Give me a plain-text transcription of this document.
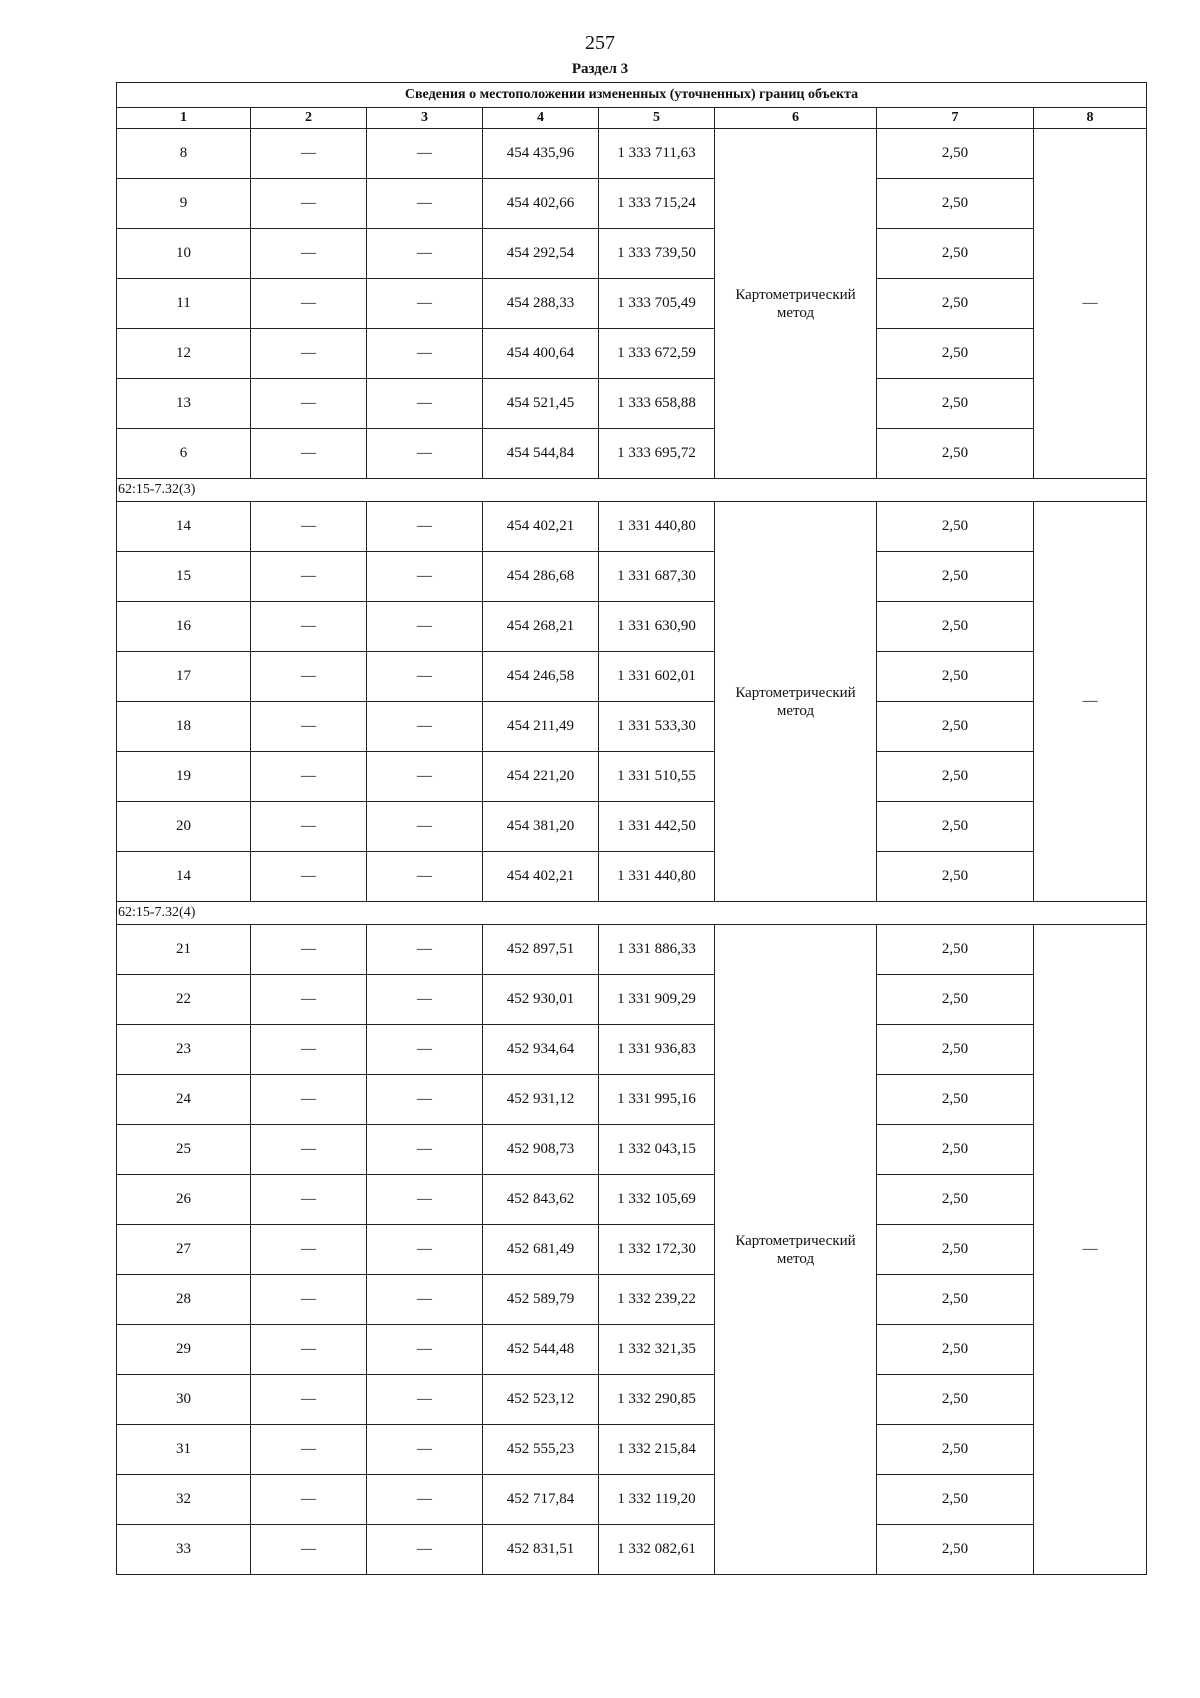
257
Раздел 3
Сведения о местоположении измененных (уточненных) границ объекта							
1	2	3	4	5	6	7	8
8	—	—	454 435,96	1 333 711,63	Картометрический метод	2,50	—
9	—	—	454 402,66	1 333 715,24		2,50	
10	—	—	454 292,54	1 333 739,50		2,50	
11	—	—	454 288,33	1 333 705,49		2,50	
12	—	—	454 400,64	1 333 672,59		2,50	
13	—	—	454 521,45	1 333 658,88		2,50	
6	—	—	454 544,84	1 333 695,72		2,50	
62:15-7.32(3)							
14	—	—	454 402,21	1 331 440,80	Картометрический метод	2,50	—
15	—	—	454 286,68	1 331 687,30		2,50	
16	—	—	454 268,21	1 331 630,90		2,50	
17	—	—	454 246,58	1 331 602,01		2,50	
18	—	—	454 211,49	1 331 533,30		2,50	
19	—	—	454 221,20	1 331 510,55		2,50	
20	—	—	454 381,20	1 331 442,50		2,50	
14	—	—	454 402,21	1 331 440,80		2,50	
62:15-7.32(4)							
21	—	—	452 897,51	1 331 886,33	Картометрический метод	2,50	—
22	—	—	452 930,01	1 331 909,29		2,50	
23	—	—	452 934,64	1 331 936,83		2,50	
24	—	—	452 931,12	1 331 995,16		2,50	
25	—	—	452 908,73	1 332 043,15		2,50	
26	—	—	452 843,62	1 332 105,69		2,50	
27	—	—	452 681,49	1 332 172,30		2,50	
28	—	—	452 589,79	1 332 239,22		2,50	
29	—	—	452 544,48	1 332 321,35		2,50	
30	—	—	452 523,12	1 332 290,85		2,50	
31	—	—	452 555,23	1 332 215,84		2,50	
32	—	—	452 717,84	1 332 119,20		2,50	
33	—	—	452 831,51	1 332 082,61		2,50	
